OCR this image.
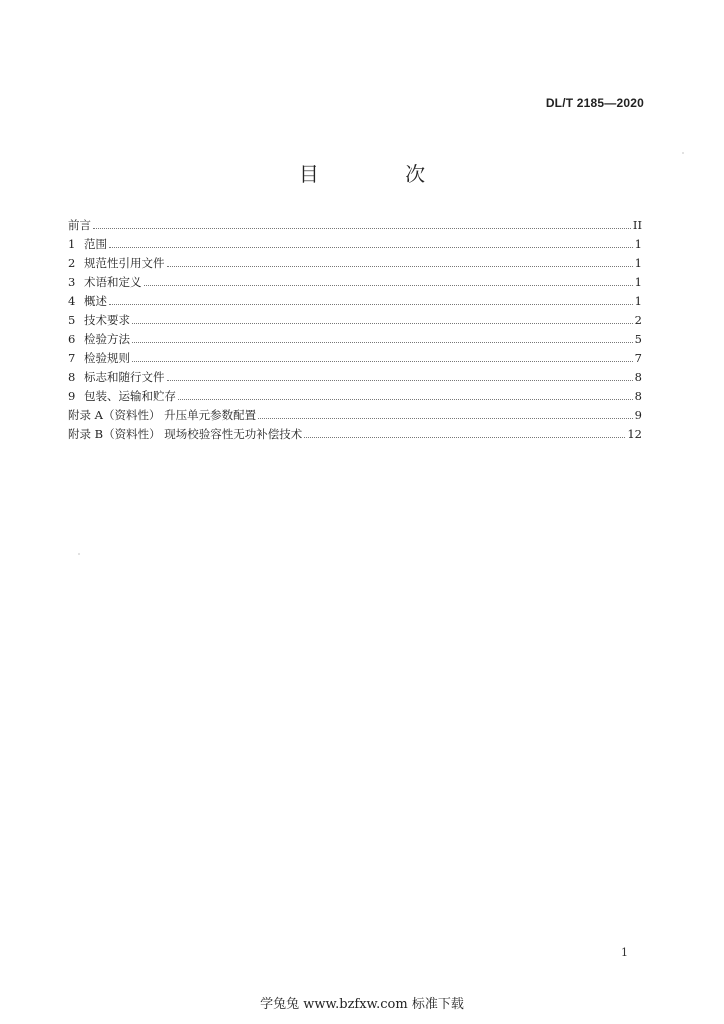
DL/T 2185—2020
目 次
前言	II
1 范围	1
2 规范性引用文件	1
3 术语和定义	1
4 概述	1
5 技术要求	2
6 检验方法	5
7 检验规则	7
8 标志和随行文件	8
9 包装、运输和贮存	8
附录 A（资料性） 升压单元参数配置	9
附录 B（资料性） 现场校验容性无功补偿技术	12
1
学兔兔 www.bzfxw.com 标准下载
